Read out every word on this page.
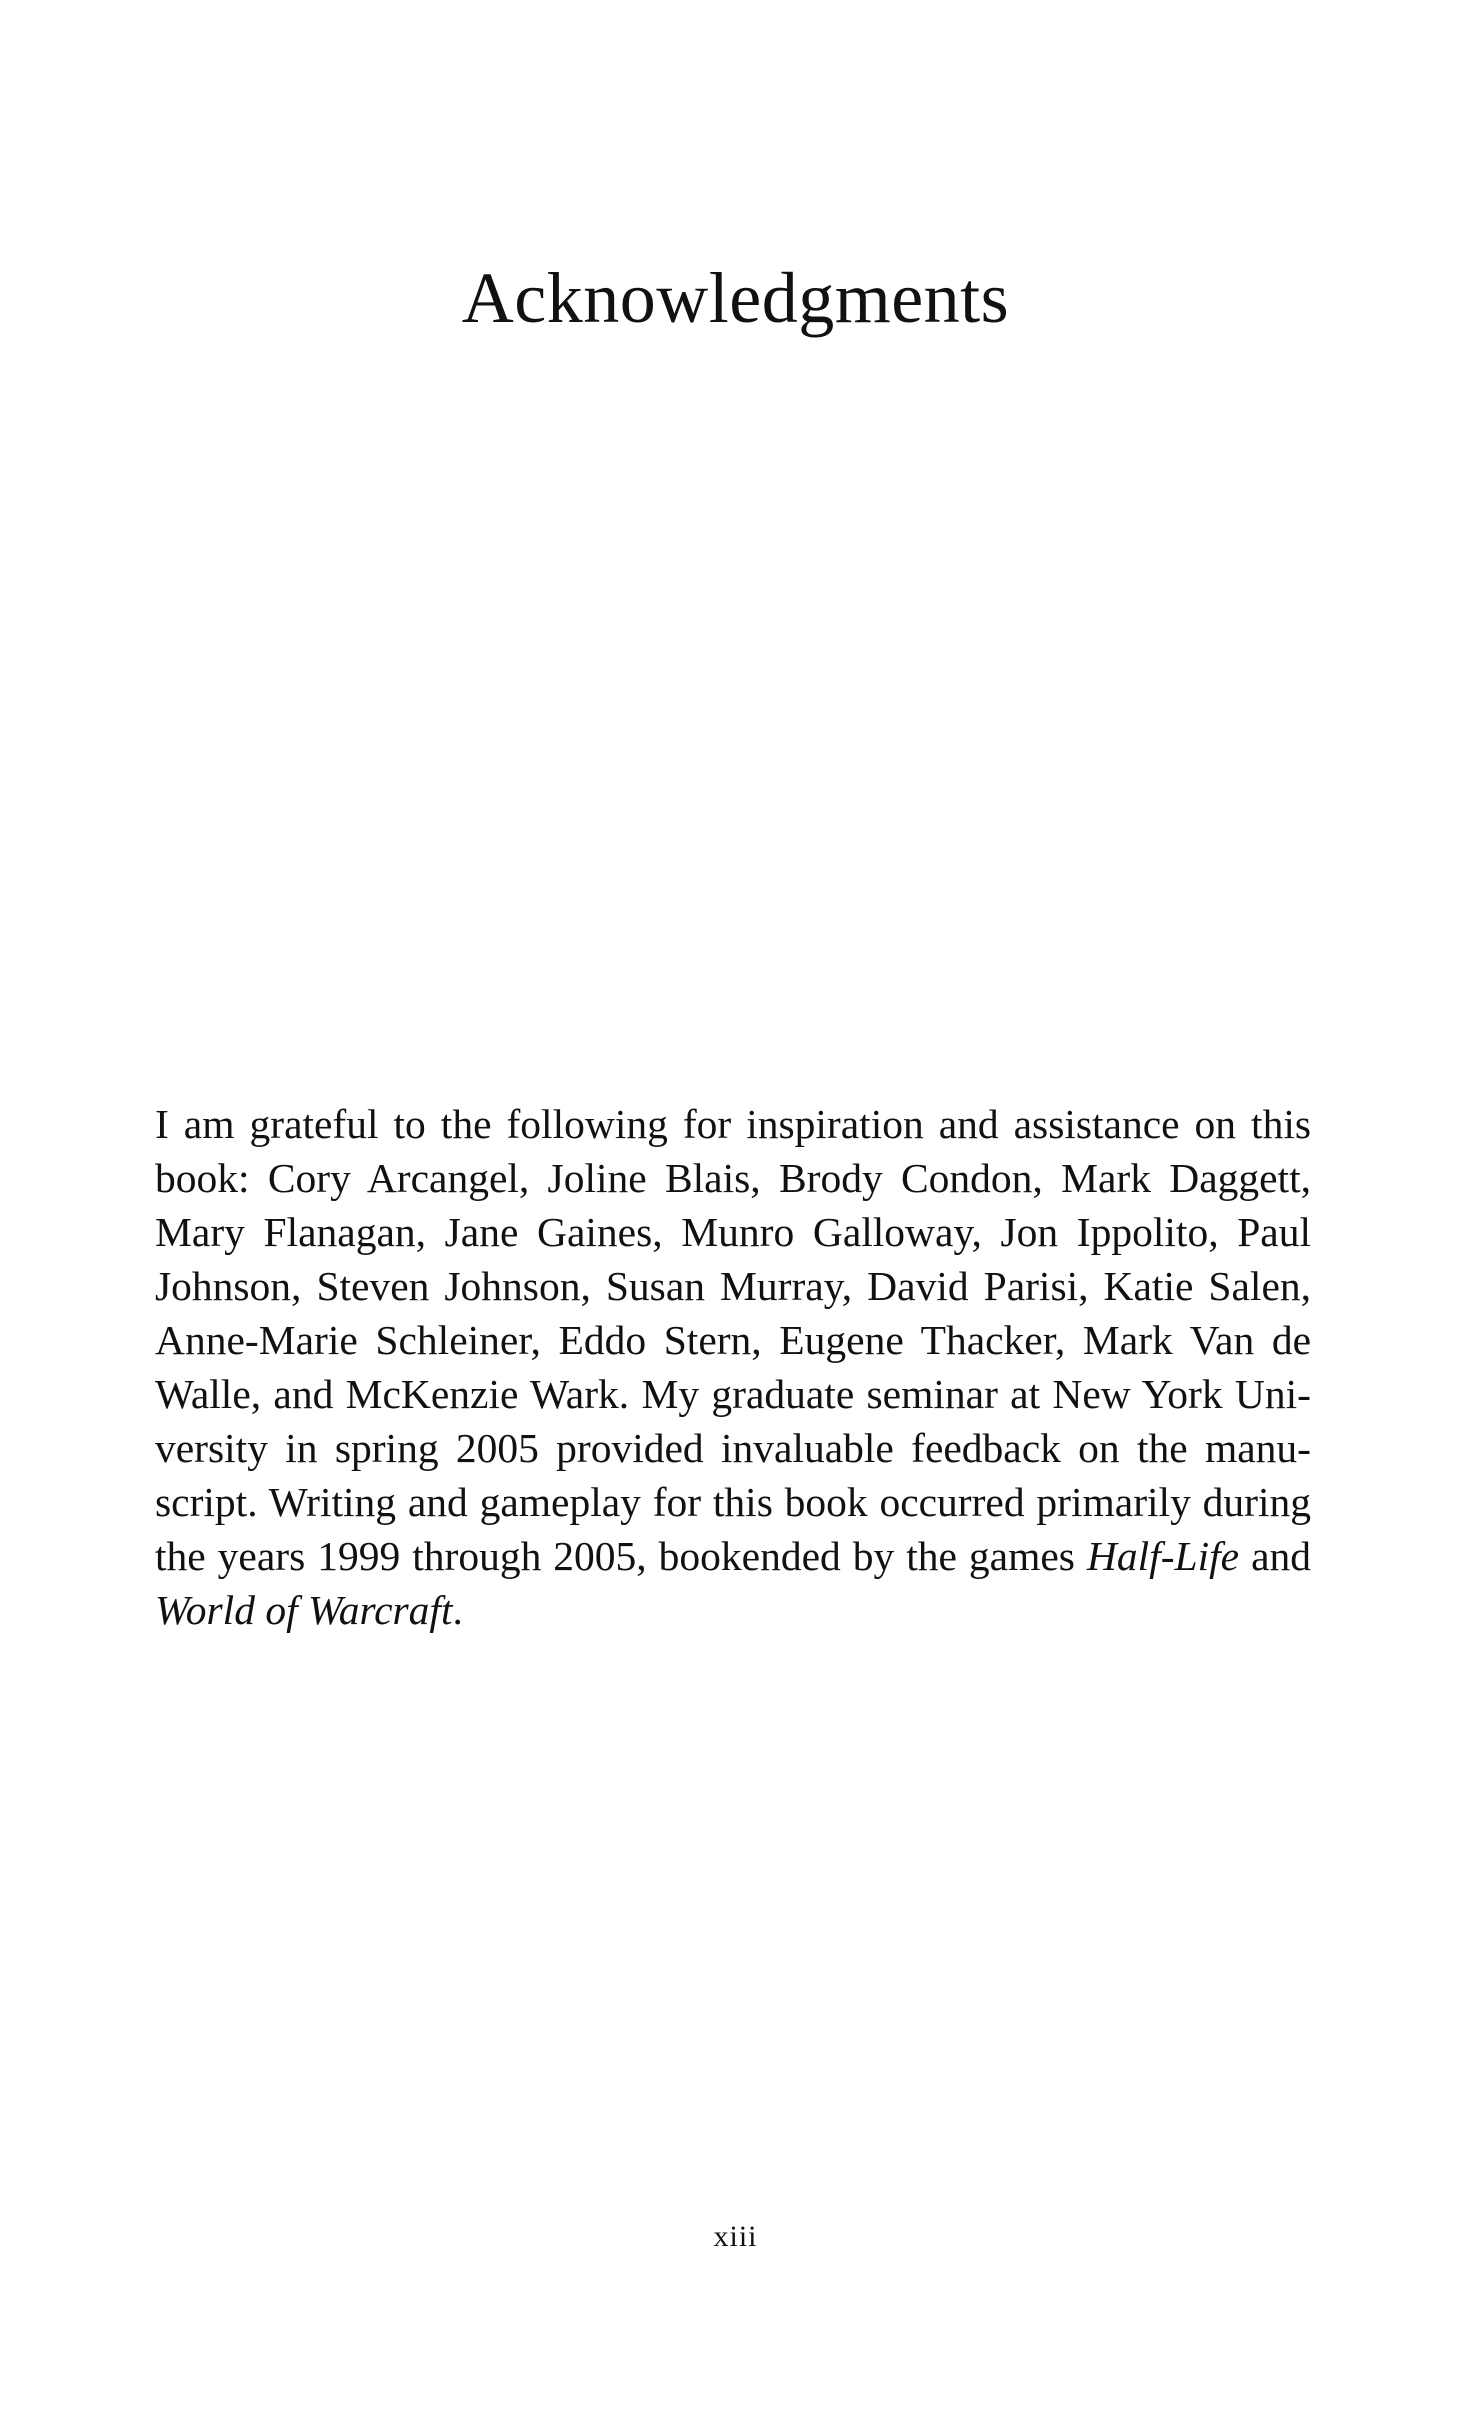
Acknowledgments

I am grateful to the following for inspiration and assistance on this book: Cory Arcangel, Joline Blais, Brody Condon, Mark Daggett, Mary Flanagan, Jane Gaines, Munro Galloway, Jon Ippolito, Paul Johnson, Steven Johnson, Susan Murray, David Parisi, Katie Salen, Anne-Marie Schleiner, Eddo Stern, Eugene Thacker, Mark Van de Walle, and McKenzie Wark. My graduate seminar at New York University in spring 2005 provided invaluable feedback on the manuscript. Writing and gameplay for this book occurred primarily during the years 1999 through 2005, bookended by the games Half-Life and World of Warcraft.

xiii
